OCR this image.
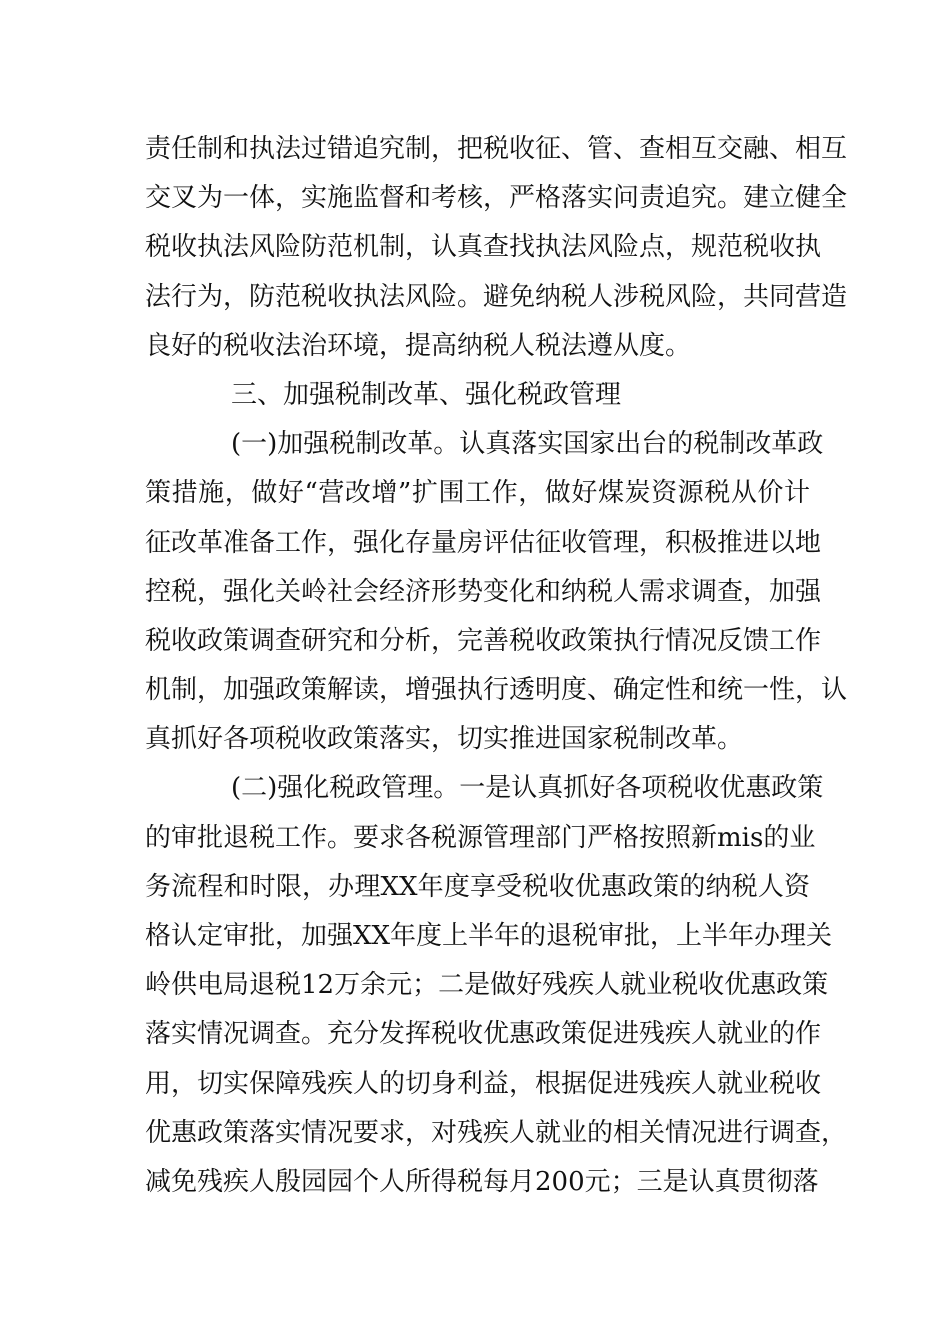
责任制和执法过错追究制，把税收征、管、查相互交融、相互
交叉为一体，实施监督和考核，严格落实问责追究。建立健全
税收执法风险防范机制，认真查找执法风险点，规范税收执
法行为，防范税收执法风险。避免纳税人涉税风险，共同营造
良好的税收法治环境，提高纳税人税法遵从度。
三、加强税制改革、强化税政管理
(一)加强税制改革。认真落实国家出台的税制改革政
策措施，做好“营改增”扩围工作，做好煤炭资源税从价计
征改革准备工作，强化存量房评估征收管理，积极推进以地
控税，强化关岭社会经济形势变化和纳税人需求调查，加强
税收政策调查研究和分析，完善税收政策执行情况反馈工作
机制，加强政策解读，增强执行透明度、确定性和统一性，认
真抓好各项税收政策落实，切实推进国家税制改革。
(二)强化税政管理。一是认真抓好各项税收优惠政策
的审批退税工作。要求各税源管理部门严格按照新mis的业
务流程和时限，办理XX年度享受税收优惠政策的纳税人资
格认定审批，加强XX年度上半年的退税审批，上半年办理关
岭供电局退税12万余元；二是做好残疾人就业税收优惠政策
落实情况调查。充分发挥税收优惠政策促进残疾人就业的作
用，切实保障残疾人的切身利益，根据促进残疾人就业税收
优惠政策落实情况要求，对残疾人就业的相关情况进行调查，
减免残疾人殷园园个人所得税每月200元；三是认真贯彻落
